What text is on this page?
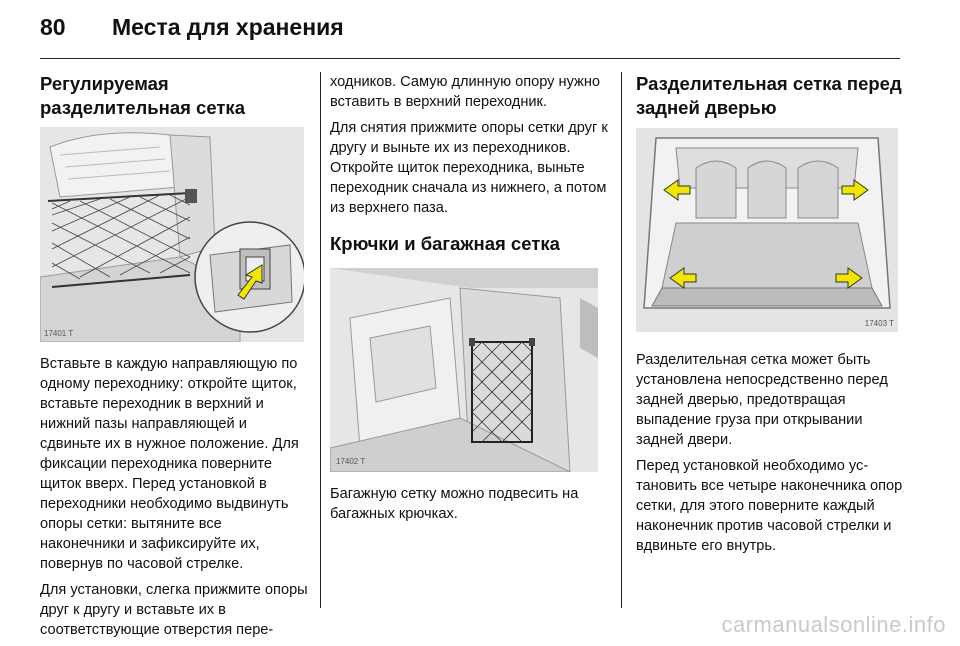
80	Места для хранения
Регулируемая
разделительная сетка
17401 T

Вставьте в каждую направляющую по одному переходнику: откройте щиток, вставьте переходник в верхний и нижний пазы направляющей и сдвиньте их в нужное положение. Для фиксации переходника поверните щиток вверх. Перед установкой в переходники необходимо выдвинуть опоры сетки: вытяните все наконечники и зафиксируйте их, повернув по часовой стрелке.

Для установки, слегка прижмите опоры друг к другу и вставьте их в соответствующие отверстия пере-

ходников. Самую длинную опору нужно вставить в верхний переходник.

Для снятия прижмите опоры сетки друг к другу и выньте их из переходников. Откройте щиток переходника, выньте переходник сначала из нижнего, а потом из верхнего паза.

Крючки и багажная сетка
17402 T

Багажную сетку можно подвесить на багажных крючках.

Разделительная сетка перед
задней дверью
17403 T

Разделительная сетка может быть установлена непосредственно перед задней дверью, предотвращая выпадение груза при открывании задней двери.

Перед установкой необходимо установить все четыре наконечника опор сетки, для этого поверните каждый наконечник против часовой стрелки и вдвиньте его внутрь.

carmanualsonline.info
